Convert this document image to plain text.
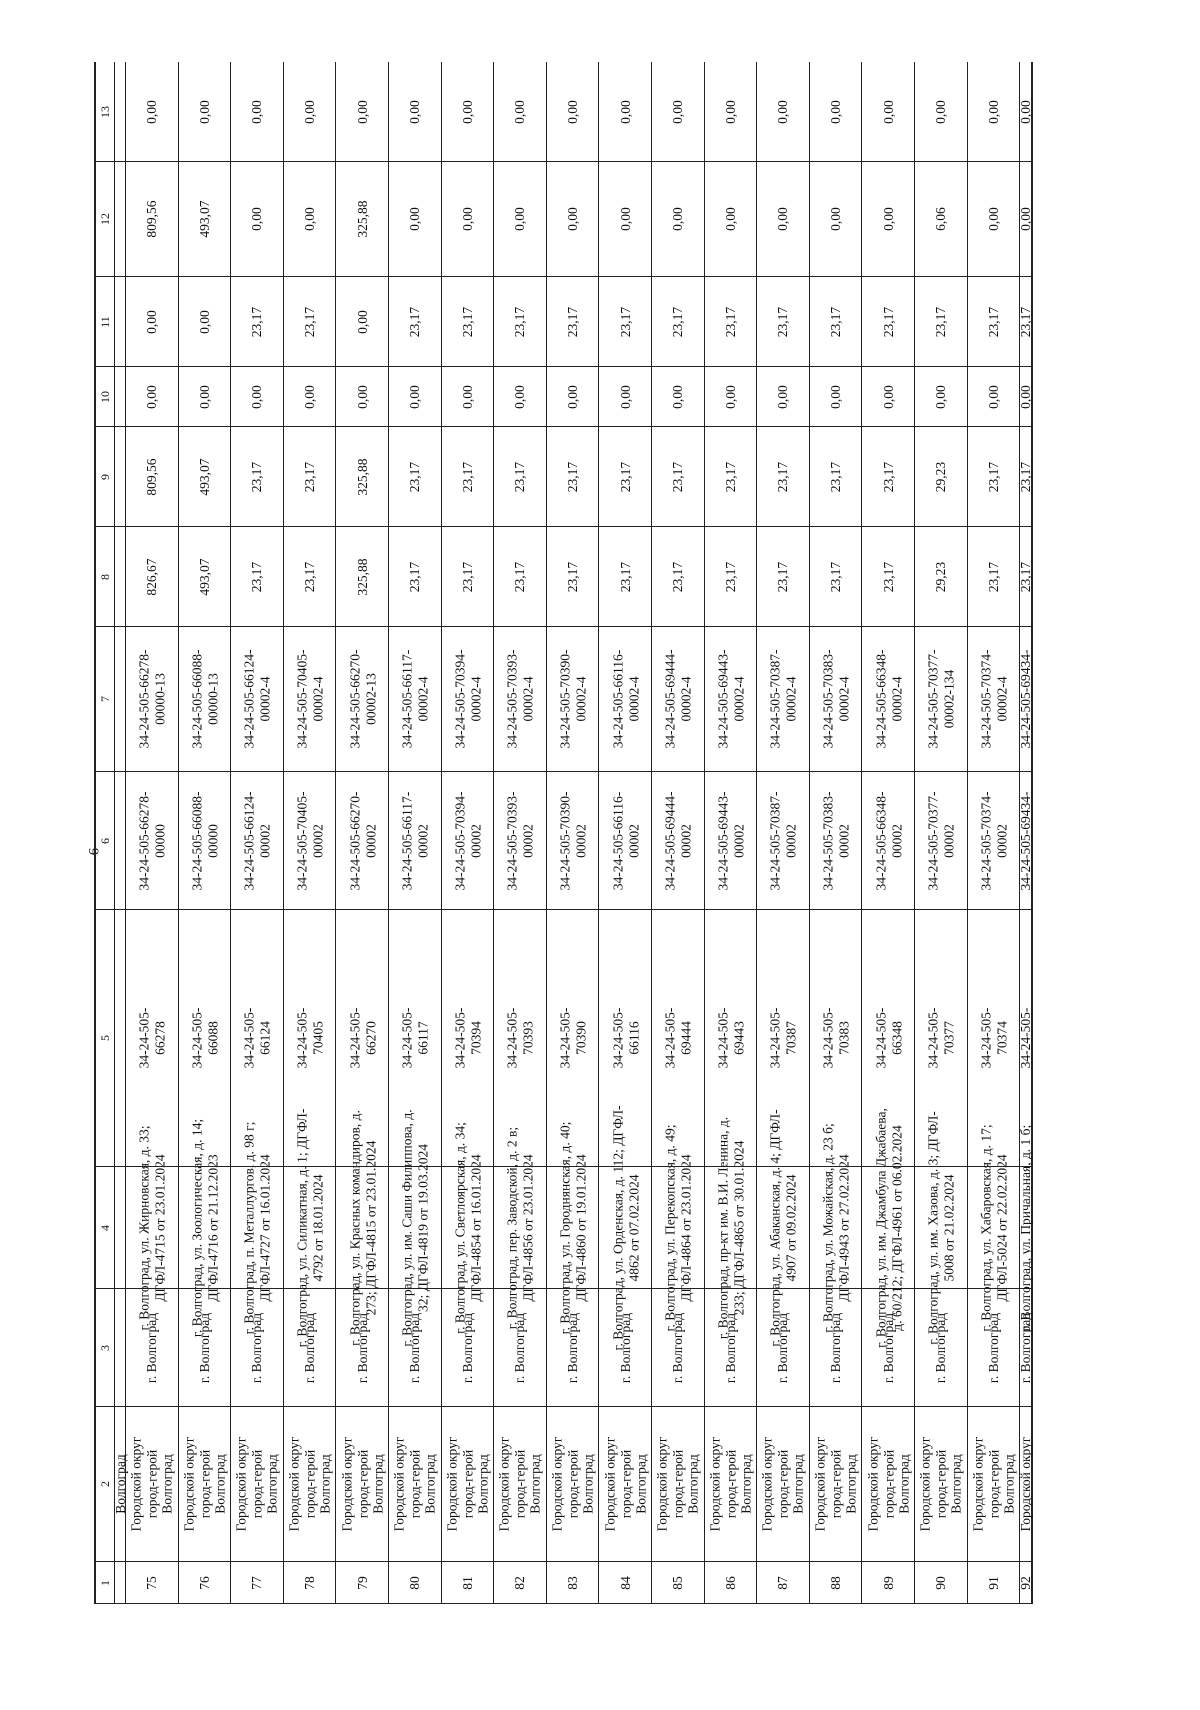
6
1
2
3
4
5
6
7
8
9
10
11
12
13
Волгоград
75
Городской округ город-герой Волгоград
г. Волгоград
г. Волгоград, ул. Жирновская, д. 33; ДГФЛ-4715 от 23.01.2024
34-24-505- 66278
34-24-505-66278- 00000
34-24-505-66278- 00000-13
826,67
809,56
0,00
0,00
809,56
0,00
76
Городской округ город-герой Волгоград
г. Волгоград
г. Волгоград, ул. Зоологическая, д. 14; ДГФЛ-4716 от 21.12.2023
34-24-505- 66088
34-24-505-66088- 00000
34-24-505-66088- 00000-13
493,07
493,07
0,00
0,00
493,07
0,00
77
Городской округ город-герой Волгоград
г. Волгоград
г. Волгоград, п. Металлургов, д. 98 г; ДГФЛ-4727 от 16.01.2024
34-24-505- 66124
34-24-505-66124- 00002
34-24-505-66124- 00002-4
23,17
23,17
0,00
23,17
0,00
0,00
78
Городской округ город-герой Волгоград
г. Волгоград
г. Волгоград, ул. Силикатная, д. 1; ДГФЛ- 4792 от 18.01.2024
34-24-505- 70405
34-24-505-70405- 00002
34-24-505-70405- 00002-4
23,17
23,17
0,00
23,17
0,00
0,00
79
Городской округ город-герой Волгоград
г. Волгоград
г. Волгоград, ул. Красных командиров, д. 273; ДГФЛ-4815 от 23.01.2024
34-24-505- 66270
34-24-505-66270- 00002
34-24-505-66270- 00002-13
325,88
325,88
0,00
0,00
325,88
0,00
80
Городской округ город-герой Волгоград
г. Волгоград
г. Волгоград, ул. им. Саши Филиппова, д. 32; ДГФЛ-4819 от 19.03.2024
34-24-505- 66117
34-24-505-66117- 00002
34-24-505-66117- 00002-4
23,17
23,17
0,00
23,17
0,00
0,00
81
Городской округ город-герой Волгоград
г. Волгоград
г. Волгоград, ул. Светлоярская, д. 34; ДГФЛ-4854 от 16.01.2024
34-24-505- 70394
34-24-505-70394- 00002
34-24-505-70394- 00002-4
23,17
23,17
0,00
23,17
0,00
0,00
82
Городской округ город-герой Волгоград
г. Волгоград
г. Волгоград, пер. Заводской, д. 2 в; ДГФЛ-4856 от 23.01.2024
34-24-505- 70393
34-24-505-70393- 00002
34-24-505-70393- 00002-4
23,17
23,17
0,00
23,17
0,00
0,00
83
Городской округ город-герой Волгоград
г. Волгоград
г. Волгоград, ул. Городнянская, д. 40; ДГФЛ-4860 от 19.01.2024
34-24-505- 70390
34-24-505-70390- 00002
34-24-505-70390- 00002-4
23,17
23,17
0,00
23,17
0,00
0,00
84
Городской округ город-герой Волгоград
г. Волгоград
г. Волгоград, ул. Орденская, д. 112; ДГФЛ- 4862 от 07.02.2024
34-24-505- 66116
34-24-505-66116- 00002
34-24-505-66116- 00002-4
23,17
23,17
0,00
23,17
0,00
0,00
85
Городской округ город-герой Волгоград
г. Волгоград
г. Волгоград, ул. Перекопская, д. 49; ДГФЛ-4864 от 23.01.2024
34-24-505- 69444
34-24-505-69444- 00002
34-24-505-69444- 00002-4
23,17
23,17
0,00
23,17
0,00
0,00
86
Городской округ город-герой Волгоград
г. Волгоград
г. Волгоград, пр-кт им. В.И. Ленина, д. 233; ДГФЛ-4865 от 30.01.2024
34-24-505- 69443
34-24-505-69443- 00002
34-24-505-69443- 00002-4
23,17
23,17
0,00
23,17
0,00
0,00
87
Городской округ город-герой Волгоград
г. Волгоград
г. Волгоград, ул. Абаканская, д. 4; ДГФЛ- 4907 от 09.02.2024
34-24-505- 70387
34-24-505-70387- 00002
34-24-505-70387- 00002-4
23,17
23,17
0,00
23,17
0,00
0,00
88
Городской округ город-герой Волгоград
г. Волгоград
г. Волгоград, ул. Можайская, д. 23 б; ДГФЛ-4943 от 27.02.2024
34-24-505- 70383
34-24-505-70383- 00002
34-24-505-70383- 00002-4
23,17
23,17
0,00
23,17
0,00
0,00
89
Городской округ город-герой Волгоград
г. Волгоград
г. Волгоград, ул. им. Джамбула Джабаева, д. 60/212; ДГФЛ-4961 от 06.02.2024
34-24-505- 66348
34-24-505-66348- 00002
34-24-505-66348- 00002-4
23,17
23,17
0,00
23,17
0,00
0,00
90
Городской округ город-герой Волгоград
г. Волгоград
г. Волгоград, ул. им. Хазова, д. 3; ДГФЛ- 5008 от 21.02.2024
34-24-505- 70377
34-24-505-70377- 00002
34-24-505-70377- 00002-134
29,23
29,23
0,00
23,17
6,06
0,00
91
Городской округ город-герой Волгоград
г. Волгоград
г. Волгоград, ул. Хабаровская, д. 17; ДГФЛ-5024 от 22.02.2024
34-24-505- 70374
34-24-505-70374- 00002
34-24-505-70374- 00002-4
23,17
23,17
0,00
23,17
0,00
0,00
92
Городской округ
г. Волгоград
г. Волгоград, ул. Причальная, д. 1 б;
34-24-505-
34-24-505-69434-
34-24-505-69434-
23,17
23,17
0,00
23,17
0,00
0,00
